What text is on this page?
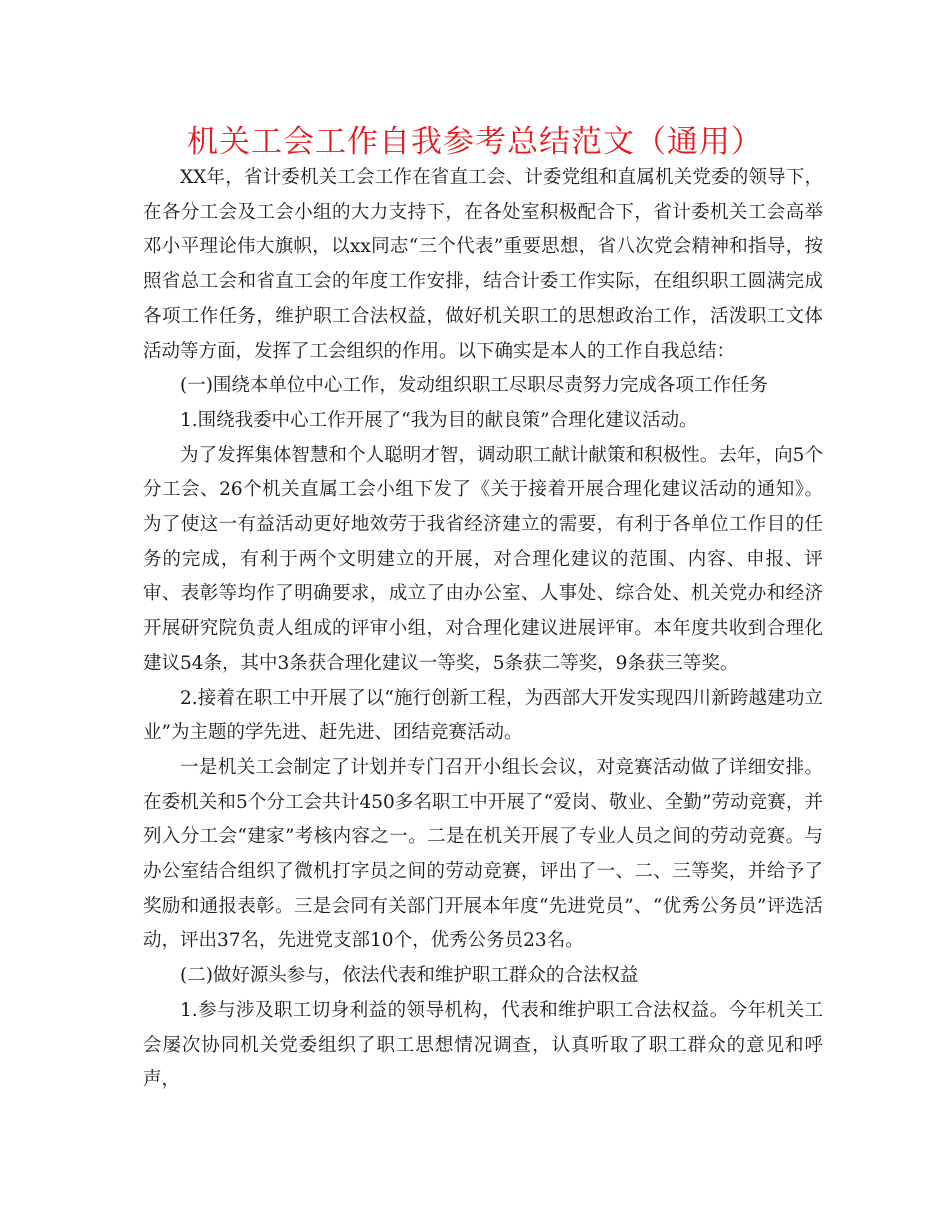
机关工会工作自我参考总结范文（通用）

XX年，省计委机关工会工作在省直工会、计委党组和直属机关党委的领导下，在各分工会及工会小组的大力支持下，在各处室积极配合下，省计委机关工会高举邓小平理论伟大旗帜，以xx同志“三个代表”重要思想，省八次党会精神和指导，按照省总工会和省直工会的年度工作安排，结合计委工作实际，在组织职工圆满完成各项工作任务，维护职工合法权益，做好机关职工的思想政治工作，活泼职工文体活动等方面，发挥了工会组织的作用。以下确实是本人的工作自我总结：

(一)围绕本单位中心工作，发动组织职工尽职尽责努力完成各项工作任务

1.围绕我委中心工作开展了“我为目的献良策”合理化建议活动。

为了发挥集体智慧和个人聪明才智，调动职工献计献策和积极性。去年，向5个分工会、26个机关直属工会小组下发了《关于接着开展合理化建议活动的通知》。为了使这一有益活动更好地效劳于我省经济建立的需要，有利于各单位工作目的任务的完成，有利于两个文明建立的开展，对合理化建议的范围、内容、申报、评审、表彰等均作了明确要求，成立了由办公室、人事处、综合处、机关党办和经济开展研究院负责人组成的评审小组，对合理化建议进展评审。本年度共收到合理化建议54条，其中3条获合理化建议一等奖，5条获二等奖，9条获三等奖。

2.接着在职工中开展了以“施行创新工程，为西部大开发实现四川新跨越建功立业”为主题的学先进、赶先进、团结竞赛活动。

一是机关工会制定了计划并专门召开小组长会议，对竞赛活动做了详细安排。在委机关和5个分工会共计450多名职工中开展了“爱岗、敬业、全勤”劳动竞赛，并列入分工会“建家”考核内容之一。二是在机关开展了专业人员之间的劳动竞赛。与办公室结合组织了微机打字员之间的劳动竞赛，评出了一、二、三等奖，并给予了奖励和通报表彰。三是会同有关部门开展本年度“先进党员”、“优秀公务员”评选活动，评出37名，先进党支部10个，优秀公务员23名。

(二)做好源头参与，依法代表和维护职工群众的合法权益

1.参与涉及职工切身利益的领导机构，代表和维护职工合法权益。今年机关工会屡次协同机关党委组织了职工思想情况调查，认真听取了职工群众的意见和呼声，
